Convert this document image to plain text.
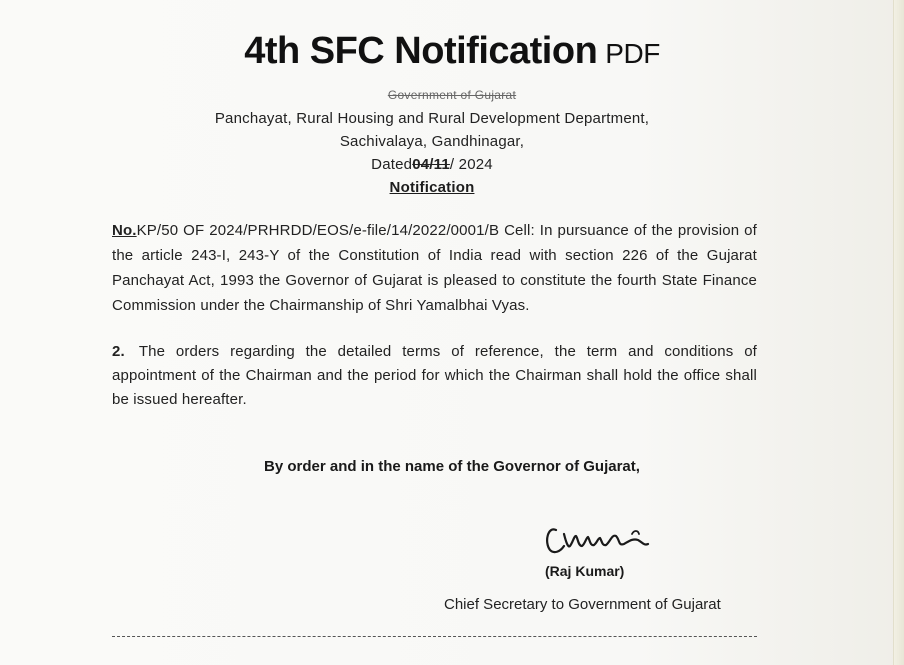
4th SFC Notification PDF
Government of Gujarat
Panchayat, Rural Housing and Rural Development Department,
Sachivalaya, Gandhinagar,
Dated04/11/ 2024
Notification
No.KP/50 OF 2024/PRHRDD/EOS/e-file/14/2022/0001/B Cell: In pursuance of the provision of the article 243-I, 243-Y of the Constitution of India read with section 226 of the Gujarat Panchayat Act, 1993 the Governor of Gujarat is pleased to constitute the fourth State Finance Commission under the Chairmanship of Shri Yamalbhai Vyas.
2. The orders regarding the detailed terms of reference, the term and conditions of appointment of the Chairman and the period for which the Chairman shall hold the office shall be issued hereafter.
By order and in the name of the Governor of Gujarat,
(Raj Kumar)
Chief Secretary to Government of Gujarat
